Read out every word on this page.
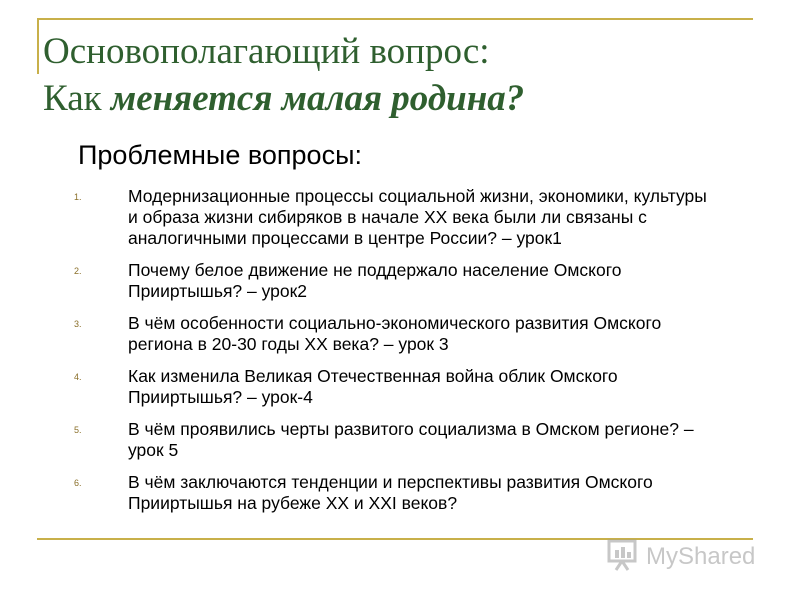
Основополагающий вопрос:
Как меняется малая родина?
Проблемные вопросы:
1.	Модернизационные процессы социальной жизни, экономики, культуры и образа жизни сибиряков в начале XX века были ли связаны с аналогичными процессами в центре России? – урок1
2.	Почему белое движение не поддержало население Омского Прииртышья? – урок2
3.	В чём особенности социально-экономического развития Омского региона в 20-30 годы XX века? – урок 3
4.	Как изменила Великая Отечественная война облик Омского Прииртышья? – урок-4
5.	В чём проявились черты развитого социализма в Омском регионе? – урок 5
6.	В чём заключаются тенденции и перспективы развития Омского Прииртышья на рубеже XX и XXI веков?
MyShared
